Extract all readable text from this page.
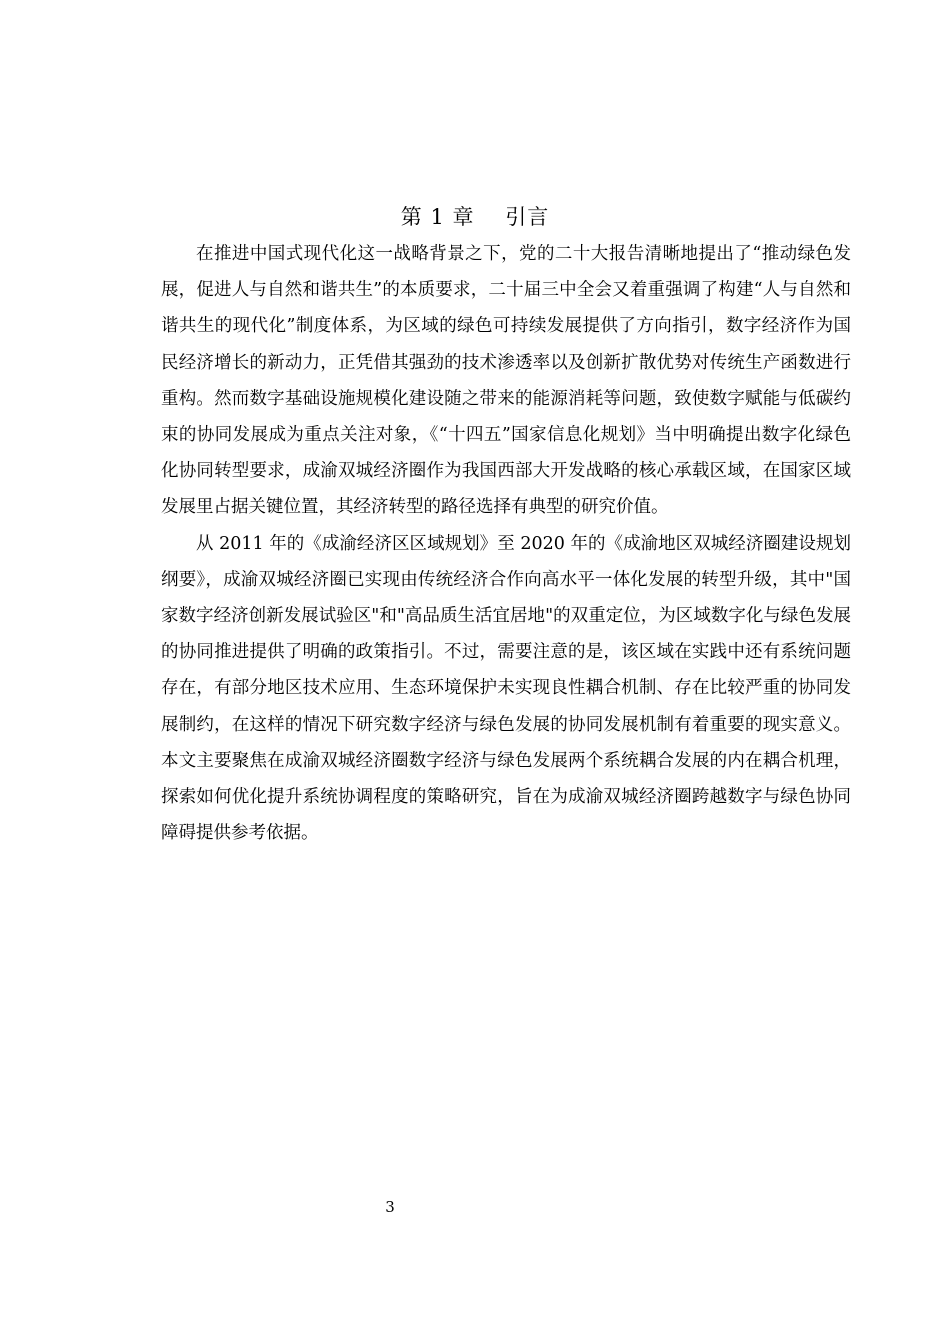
第 1 章    引言

在推进中国式现代化这一战略背景之下，党的二十大报告清晰地提出了“推动绿色发展，促进人与自然和谐共生”的本质要求，二十届三中全会又着重强调了构建“人与自然和谐共生的现代化”制度体系，为区域的绿色可持续发展提供了方向指引，数字经济作为国民经济增长的新动力，正凭借其强劲的技术渗透率以及创新扩散优势对传统生产函数进行重构。然而数字基础设施规模化建设随之带来的能源消耗等问题，致使数字赋能与低碳约束的协同发展成为重点关注对象，《“十四五”国家信息化规划》当中明确提出数字化绿色化协同转型要求，成渝双城经济圈作为我国西部大开发战略的核心承载区域，在国家区域发展里占据关键位置，其经济转型的路径选择有典型的研究价值。

从 2011 年的《成渝经济区区域规划》至 2020 年的《成渝地区双城经济圈建设规划纲要》，成渝双城经济圈已实现由传统经济合作向高水平一体化发展的转型升级，其中"国家数字经济创新发展试验区"和"高品质生活宜居地"的双重定位，为区域数字化与绿色发展的协同推进提供了明确的政策指引。不过，需要注意的是，该区域在实践中还有系统问题存在，有部分地区技术应用、生态环境保护未实现良性耦合机制、存在比较严重的协同发展制约，在这样的情况下研究数字经济与绿色发展的协同发展机制有着重要的现实意义。本文主要聚焦在成渝双城经济圈数字经济与绿色发展两个系统耦合发展的内在耦合机理，探索如何优化提升系统协调程度的策略研究，旨在为成渝双城经济圈跨越数字与绿色协同障碍提供参考依据。

3
